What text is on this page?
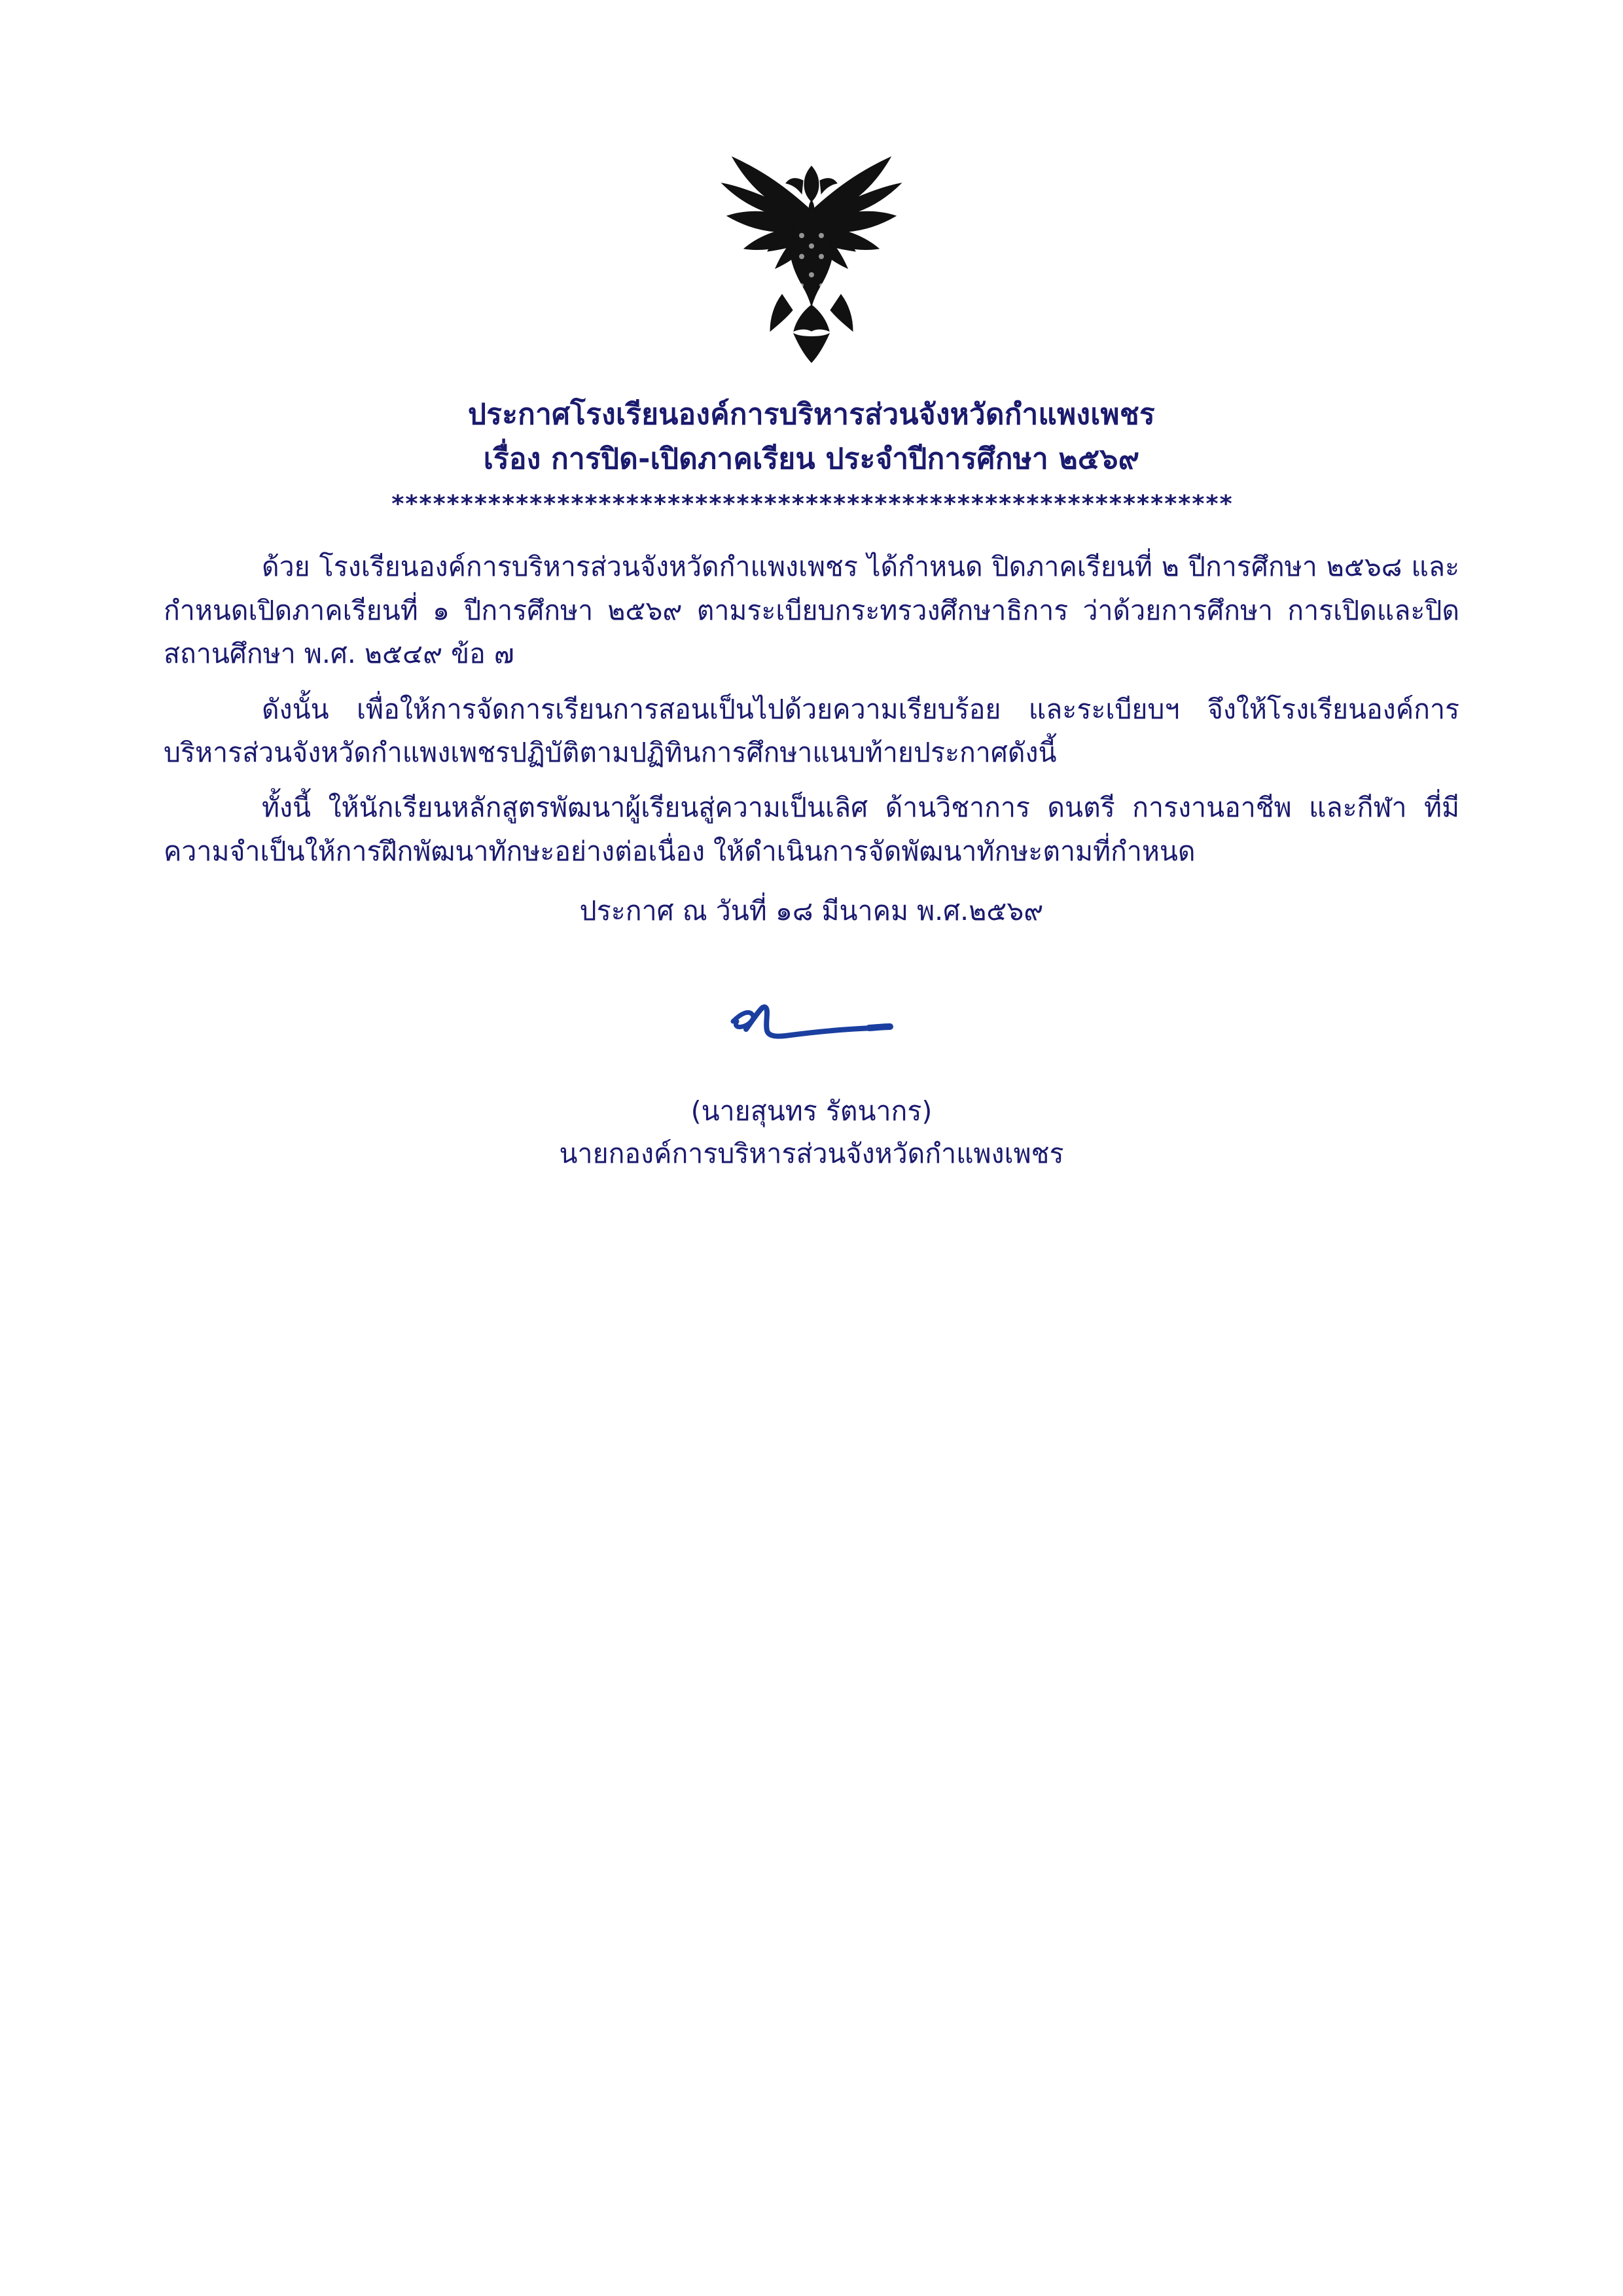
ประกาศโรงเรียนองค์การบริหารส่วนจังหวัดกำแพงเพชร
เรื่อง การปิด-เปิดภาคเรียน ประจำปีการศึกษา ๒๕๖๙
*************************************************************

ด้วย โรงเรียนองค์การบริหารส่วนจังหวัดกำแพงเพชร ได้กำหนด ปิดภาคเรียนที่ ๒ ปีการศึกษา ๒๕๖๘ และกำหนดเปิดภาคเรียนที่ ๑ ปีการศึกษา ๒๕๖๙ ตามระเบียบกระทรวงศึกษาธิการ ว่าด้วยการศึกษา การเปิดและปิดสถานศึกษา พ.ศ. ๒๕๔๙ ข้อ ๗

ดังนั้น เพื่อให้การจัดการเรียนการสอนเป็นไปด้วยความเรียบร้อย และระเบียบฯ จึงให้โรงเรียนองค์การบริหารส่วนจังหวัดกำแพงเพชรปฏิบัติตามปฏิทินการศึกษาแนบท้ายประกาศดังนี้

ทั้งนี้ ให้นักเรียนหลักสูตรพัฒนาผู้เรียนสู่ความเป็นเลิศ ด้านวิชาการ ดนตรี การงานอาชีพ และกีฬา ที่มีความจำเป็นให้การฝึกพัฒนาทักษะอย่างต่อเนื่อง ให้ดำเนินการจัดพัฒนาทักษะตามที่กำหนด

ประกาศ ณ วันที่ ๑๘ มีนาคม พ.ศ.๒๕๖๙
(นายสุนทร รัตนากร)
นายกองค์การบริหารส่วนจังหวัดกำแพงเพชร
